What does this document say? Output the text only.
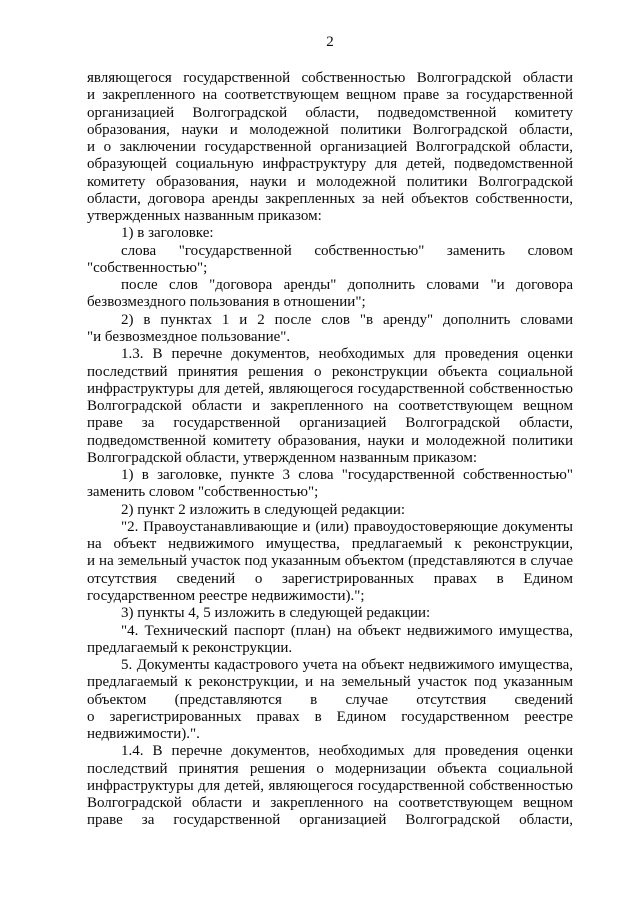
2
являющегося государственной собственностью Волгоградской области
и закрепленного на соответствующем вещном праве за государственной
организацией Волгоградской области, подведомственной комитету
образования, науки и молодежной политики Волгоградской области,
и о заключении государственной организацией Волгоградской области,
образующей социальную инфраструктуру для детей, подведомственной
комитету образования, науки и молодежной политики Волгоградской
области, договора аренды закрепленных за ней объектов собственности,
утвержденных названным приказом:
1) в заголовке:
слова "государственной собственностью" заменить словом
"собственностью";
после слов "договора аренды" дополнить словами "и договора
безвозмездного пользования в отношении";
2) в пунктах 1 и 2 после слов "в аренду" дополнить словами
"и безвозмездное пользование".
1.3. В перечне документов, необходимых для проведения оценки
последствий принятия решения о реконструкции объекта социальной
инфраструктуры для детей, являющегося государственной собственностью
Волгоградской области и закрепленного на соответствующем вещном
праве за государственной организацией Волгоградской области,
подведомственной комитету образования, науки и молодежной политики
Волгоградской области, утвержденном названным приказом:
1) в заголовке, пункте 3 слова "государственной собственностью"
заменить словом "собственностью";
2) пункт 2 изложить в следующей редакции:
"2. Правоустанавливающие и (или) правоудостоверяющие документы
на объект недвижимого имущества, предлагаемый к реконструкции,
и на земельный участок под указанным объектом (представляются в случае
отсутствия сведений о зарегистрированных правах в Едином
государственном реестре недвижимости).";
3) пункты 4, 5 изложить в следующей редакции:
"4. Технический паспорт (план) на объект недвижимого имущества,
предлагаемый к реконструкции.
5. Документы кадастрового учета на объект недвижимого имущества,
предлагаемый к реконструкции, и на земельный участок под указанным
объектом (представляются в случае отсутствия сведений
о зарегистрированных правах в Едином государственном реестре
недвижимости).".
1.4. В перечне документов, необходимых для проведения оценки
последствий принятия решения о модернизации объекта социальной
инфраструктуры для детей, являющегося государственной собственностью
Волгоградской области и закрепленного на соответствующем вещном
праве за государственной организацией Волгоградской области,
